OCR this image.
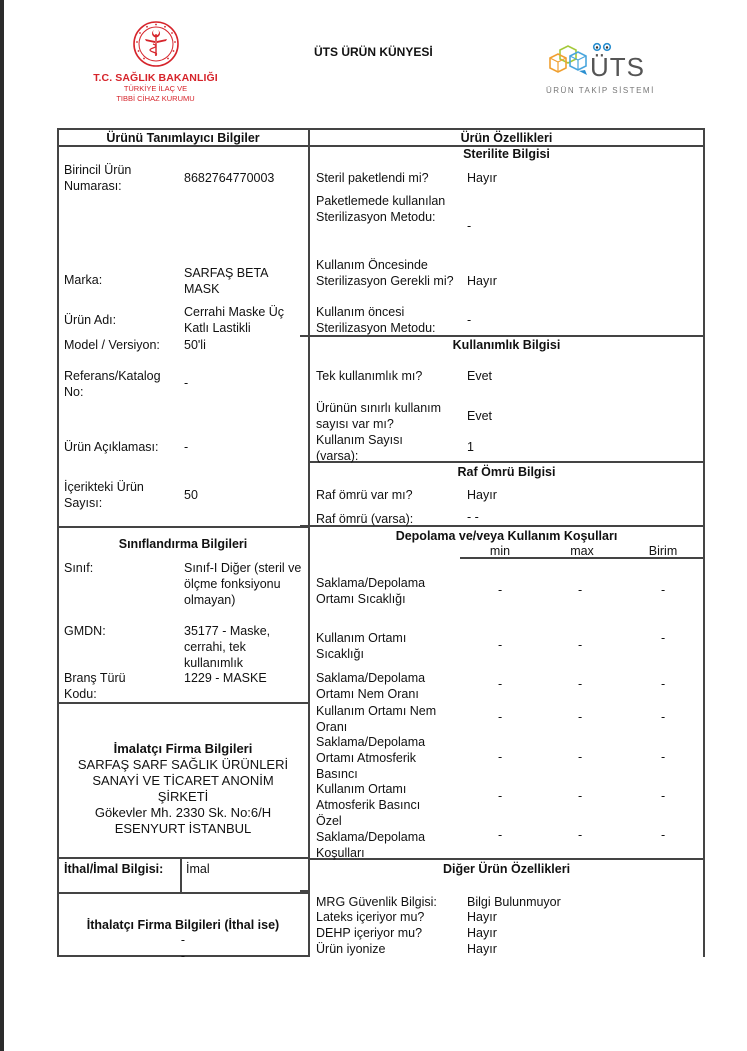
T.C. SAĞLIK BAKANLIĞI
TÜRKİYE İLAÇ VE
TIBBİ CİHAZ KURUMU
ÜTS ÜRÜN KÜNYESİ	ÜTS
ÜRÜN TAKİP SİSTEMİ
Ürünü Tanımlayıcı Bilgiler
Birincil Ürün Numarası:
8682764770003
Marka:	SARFAŞ BETA MASK
Ürün Adı:
Cerrahi Maske Üç Katlı Lastikli
Model / Versiyon: 50'li
Referans/Katalog No:
-
Ürün Açıklaması: -
İçerikteki Ürün Sayısı:
50
Sınıflandırma Bilgileri
Sınıf:	Sınıf-I Diğer (steril ve ölçme fonksiyonu olmayan)
GMDN:	35177 - Maske, cerrahi, tek kullanımlık
Branş Türü Kodu:
1229 - MASKE
İmalatçı Firma Bilgileri
SARFAŞ SARF SAĞLIK ÜRÜNLERİ
SANAYİ VE TİCARET ANONİM
ŞİRKETİ
Gökevler Mh. 2330 Sk. No:6/H
ESENYURT İSTANBUL
İthal/İmal Bilgisi: İmal
İthalatçı Firma Bilgileri (İthal ise)
-
-
Ürün Özellikleri
Sterilite Bilgisi
Steril paketlendi mi?	Hayır
Paketlemede kullanılan Sterilizasyon Metodu:
-
Kullanım Öncesinde Sterilizasyon Gerekli mi? Hayır
Kullanım öncesi Sterilizasyon Metodu:
-
Kullanımlık Bilgisi
Tek kullanımlık mı?	Evet
Ürünün sınırlı kullanım sayısı var mı?
Evet
Kullanım Sayısı (varsa):
1
Raf Ömrü Bilgisi
Raf ömrü var mı?	Hayır
Raf ömrü (varsa):	- -
Depolama ve/veya Kullanım Koşulları
min	max	Birim
Saklama/Depolama Ortamı Sıcaklığı
-	-	-
Kullanım Ortamı Sıcaklığı
-	-	-
Saklama/Depolama Ortamı Nem Oranı
-	-	-
Kullanım Ortamı Nem Oranı
-	-	-
Saklama/Depolama Ortamı Atmosferik Basıncı
-	-	-
Kullanım Ortamı Atmosferik Basıncı
-	-	-
Özel Saklama/Depolama Koşulları
-	-	-
Diğer Ürün Özellikleri
MRG Güvenlik Bilgisi: Bilgi Bulunmuyor
Lateks içeriyor mu?	Hayır
DEHP içeriyor mu?	Hayır
Ürün iyonize	Hayır
